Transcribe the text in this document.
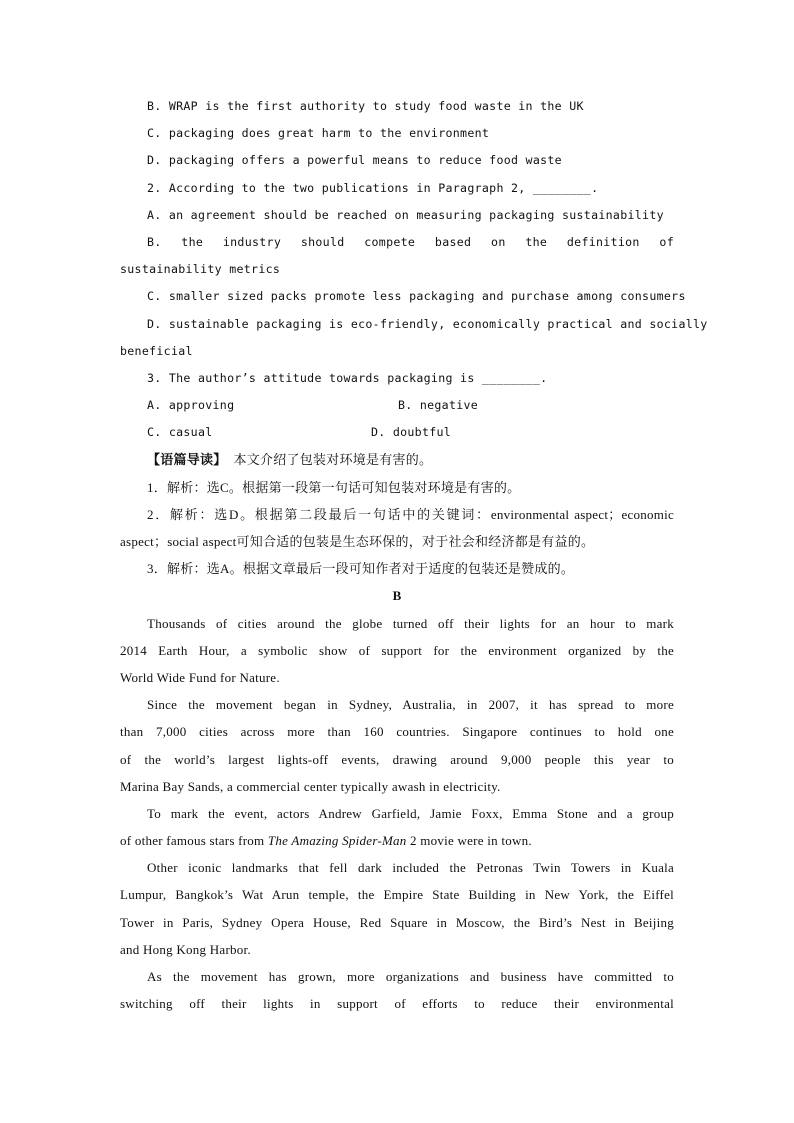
B. WRAP is the first authority to study food waste in the UK
C. packaging does great harm to the environment
D. packaging offers a powerful means to reduce food waste
2. According to the two publications in Paragraph 2, ________.
A. an agreement should be reached on measuring packaging sustainability
B. the industry should compete based on the definition of
sustainability metrics
C. smaller sized packs promote less packaging and purchase among consumers
D. sustainable packaging is eco-friendly, economically practical and socially
beneficial
3. The author’s attitude towards packaging is ________.
A. approving	B. negative
C. casual	D. doubtful
【语篇导读】 本文介绍了包装对环境是有害的。
1．解析：选C。根据第一段第一句话可知包装对环境是有害的。
2．解析：选D。根据第二段最后一句话中的关键词：environmental aspect；economic
aspect；social aspect可知合适的包装是生态环保的，对于社会和经济都是有益的。
3．解析：选A。根据文章最后一段可知作者对于适度的包装还是赞成的。
B
Thousands of cities around the globe turned off their lights for an hour to mark
2014 Earth Hour, a symbolic show of support for the environment organized by the
World Wide Fund for Nature.
Since the movement began in Sydney, Australia, in 2007, it has spread to more
than 7,000 cities across more than 160 countries. Singapore continues to hold one
of the world’s largest lights-off events, drawing around 9,000 people this year to
Marina Bay Sands, a commercial center typically awash in electricity.
To mark the event, actors Andrew Garfield, Jamie Foxx, Emma Stone and a group
of other famous stars from The Amazing Spider-Man 2 movie were in town.
Other iconic landmarks that fell dark included the Petronas Twin Towers in Kuala
Lumpur, Bangkok’s Wat Arun temple, the Empire State Building in New York, the Eiffel
Tower in Paris, Sydney Opera House, Red Square in Moscow, the Bird’s Nest in Beijing
and Hong Kong Harbor.
As the movement has grown, more organizations and business have committed to
switching off their lights in support of efforts to reduce their environmental
